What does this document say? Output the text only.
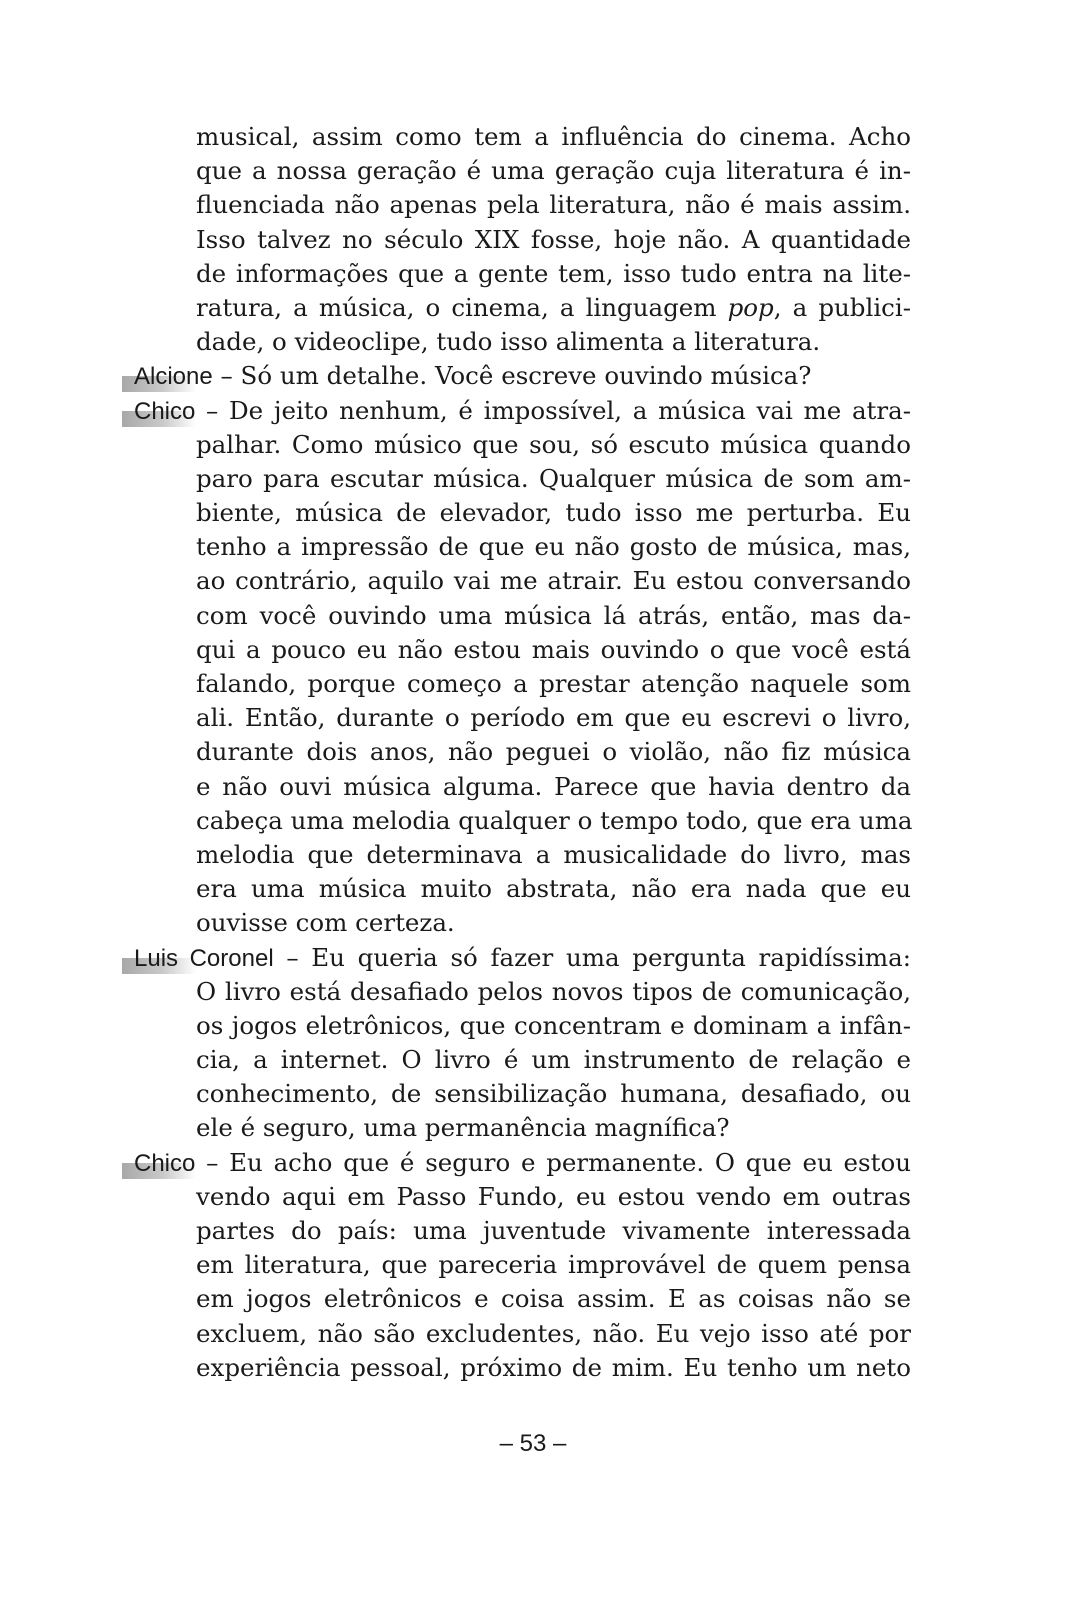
musical, assim como tem a influência do cinema. Acho
que a nossa geração é uma geração cuja literatura é in-
fluenciada não apenas pela literatura, não é mais assim.
Isso talvez no século XIX fosse, hoje não. A quantidade
de informações que a gente tem, isso tudo entra na lite-
ratura, a música, o cinema, a linguagem pop, a publici-
dade, o videoclipe, tudo isso alimenta a literatura.
Alcione – Só um detalhe. Você escreve ouvindo música?
Chico – De jeito nenhum, é impossível, a música vai me atra-
palhar. Como músico que sou, só escuto música quando
paro para escutar música. Qualquer música de som am-
biente, música de elevador, tudo isso me perturba. Eu
tenho a impressão de que eu não gosto de música, mas,
ao contrário, aquilo vai me atrair. Eu estou conversando
com você ouvindo uma música lá atrás, então, mas da-
qui a pouco eu não estou mais ouvindo o que você está
falando, porque começo a prestar atenção naquele som
ali. Então, durante o período em que eu escrevi o livro,
durante dois anos, não peguei o violão, não fiz música
e não ouvi música alguma. Parece que havia dentro da
cabeça uma melodia qualquer o tempo todo, que era uma
melodia que determinava a musicalidade do livro, mas
era uma música muito abstrata, não era nada que eu
ouvisse com certeza.
Luis Coronel – Eu queria só fazer uma pergunta rapidíssima:
O livro está desafiado pelos novos tipos de comunicação,
os jogos eletrônicos, que concentram e dominam a infân-
cia, a internet. O livro é um instrumento de relação e
conhecimento, de sensibilização humana, desafiado, ou
ele é seguro, uma permanência magnífica?
Chico – Eu acho que é seguro e permanente. O que eu estou
vendo aqui em Passo Fundo, eu estou vendo em outras
partes do país: uma juventude vivamente interessada
em literatura, que pareceria improvável de quem pensa
em jogos eletrônicos e coisa assim. E as coisas não se
excluem, não são excludentes, não. Eu vejo isso até por
experiência pessoal, próximo de mim. Eu tenho um neto
– 53 –
